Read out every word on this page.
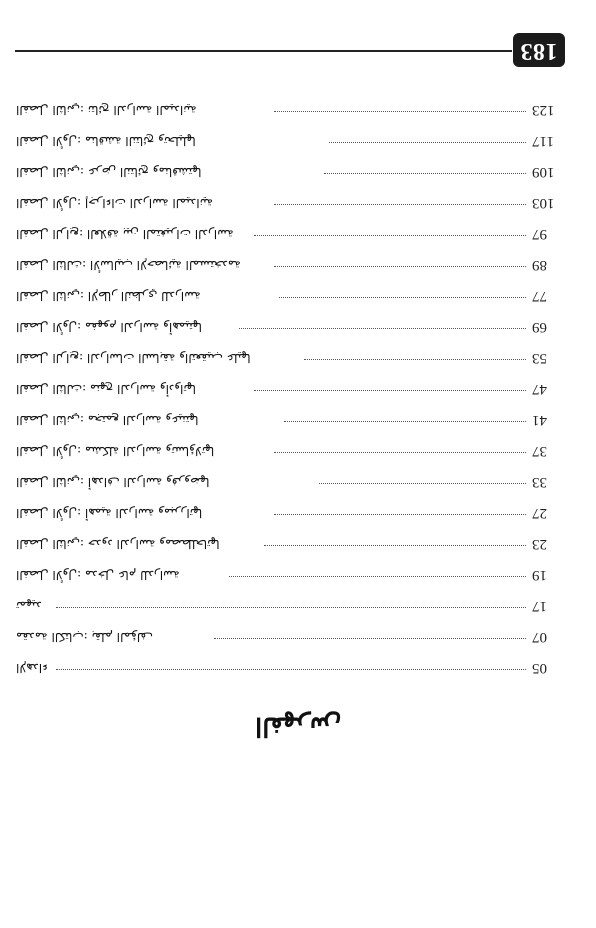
183
الفصل الثاني: نتائج الدراسة الميدانية	123
الفصل الأول: مناقشة النتائج وتحليلها	117
الفصل الثاني: عرض النتائج ومناقشتها	109
الفصل الأول: إجراءات الدراسة الميدانية	103
الفصل الرابع: العلاقة بين المتغيرات الدراسة	97
الفصل الثالث: الأساليب الإحصائية المستخدمة	89
الفصل الثاني: الإطار النظري للدراسة	77
الفصل الأول: مفهوم الدراسة وأهميتها	69
الفصل الرابع: الدراسات السابقة والتعقيب عليها	53
الفصل الثالث: منهج الدراسة وأدواتها	47
الفصل الثاني: مجتمع الدراسة وعينتها	41
الفصل الأول: مشكلة الدراسة وتساؤلاتها	37
الفصل الثاني: أهداف الدراسة وفروضها	33
الفصل الأول: أهمية الدراسة ومبرراتها	27
الفصل الثاني: حدود الدراسة ومصطلحاتها	23
الفصل الأول: مدخل عام للدراسة	19
تمهيد	17
مقدمة الكتاب: بقلم المؤلف	07
الإهداء	05
الفهرس
